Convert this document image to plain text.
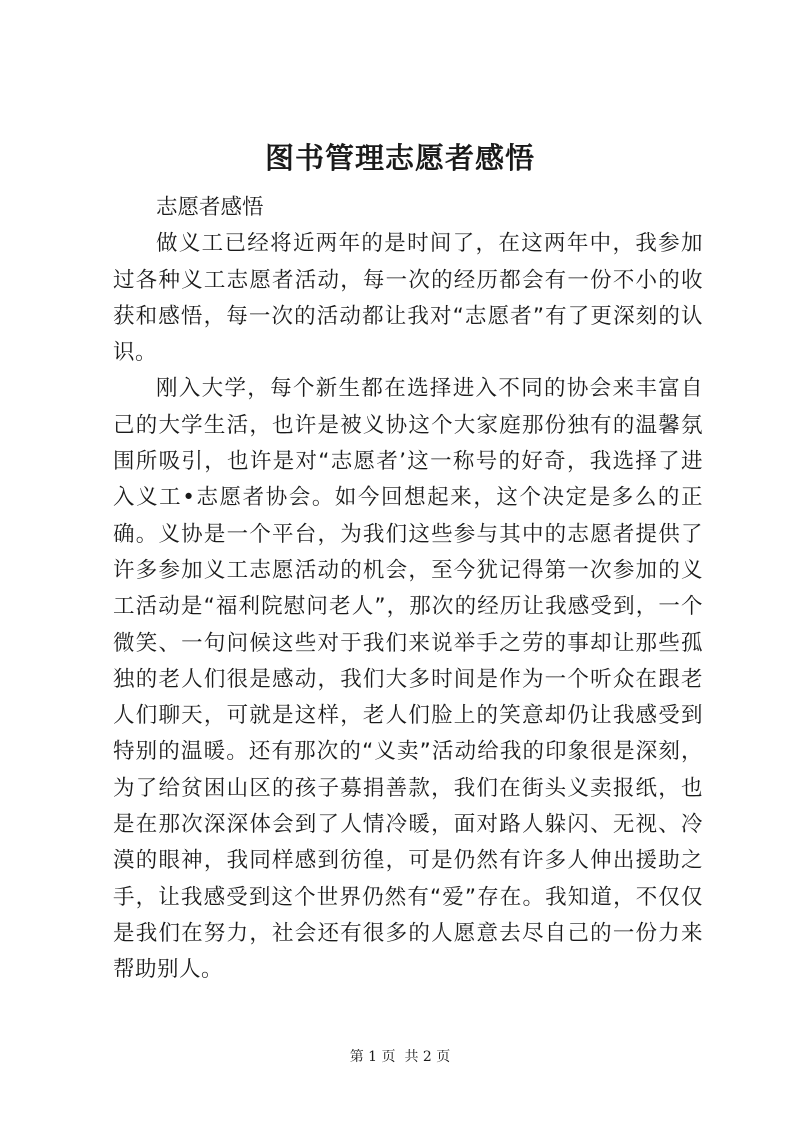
图书管理志愿者感悟

志愿者感悟

做义工已经将近两年的是时间了，在这两年中，我参加过各种义工志愿者活动，每一次的经历都会有一份不小的收获和感悟，每一次的活动都让我对“志愿者”有了更深刻的认识。

刚入大学，每个新生都在选择进入不同的协会来丰富自己的大学生活，也许是被义协这个大家庭那份独有的温馨氛围所吸引，也许是对“志愿者’这一称号的好奇，我选择了进入义工•志愿者协会。如今回想起来，这个决定是多么的正确。义协是一个平台，为我们这些参与其中的志愿者提供了许多参加义工志愿活动的机会，至今犹记得第一次参加的义工活动是“福利院慰问老人”，那次的经历让我感受到，一个微笑、一句问候这些对于我们来说举手之劳的事却让那些孤独的老人们很是感动，我们大多时间是作为一个听众在跟老人们聊天，可就是这样，老人们脸上的笑意却仍让我感受到特别的温暖。还有那次的“义卖”活动给我的印象很是深刻，为了给贫困山区的孩子募捐善款，我们在街头义卖报纸，也是在那次深深体会到了人情冷暖，面对路人躲闪、无视、冷漠的眼神，我同样感到彷徨，可是仍然有许多人伸出援助之手，让我感受到这个世界仍然有“爱”存在。我知道，不仅仅是我们在努力，社会还有很多的人愿意去尽自己的一份力来帮助别人。

第 1 页  共 2 页
